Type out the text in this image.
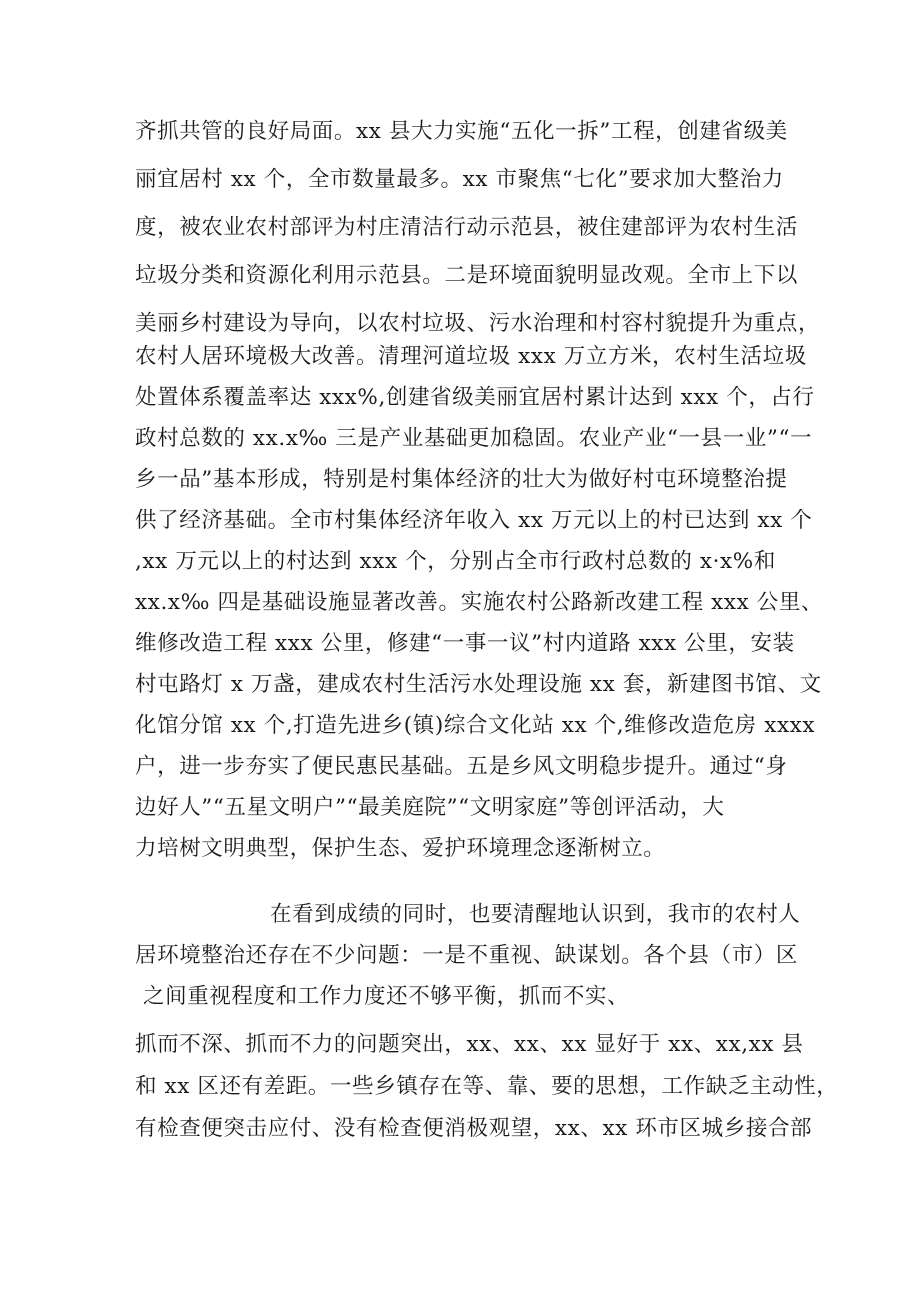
齐抓共管的良好局面。xx 县大力实施“五化一拆”工程，创建省级美
丽宜居村 xx 个，全市数量最多。xx 市聚焦“七化”要求加大整治力
度，被农业农村部评为村庄清洁行动示范县，被住建部评为农村生活
垃圾分类和资源化利用示范县。二是环境面貌明显改观。全市上下以
美丽乡村建设为导向，以农村垃圾、污水治理和村容村貌提升为重点，
农村人居环境极大改善。清理河道垃圾 xxx 万立方米，农村生活垃圾
处置体系覆盖率达 xxx%,创建省级美丽宜居村累计达到 xxx 个，占行
政村总数的 xx.x‰ 三是产业基础更加稳固。农业产业“一县一业”“一
乡一品”基本形成，特别是村集体经济的壮大为做好村屯环境整治提
供了经济基础。全市村集体经济年收入 xx 万元以上的村已达到 xx 个
,xx 万元以上的村达到 xxx 个，分别占全市行政村总数的 x·x%和
xx.x‰ 四是基础设施显著改善。实施农村公路新改建工程 xxx 公里、
维修改造工程 xxx 公里，修建“一事一议”村内道路 xxx 公里，安装
村屯路灯 x 万盏，建成农村生活污水处理设施 xx 套，新建图书馆、文
化馆分馆 xx 个,打造先进乡(镇)综合文化站 xx 个,维修改造危房 xxxx
户，进一步夯实了便民惠民基础。五是乡风文明稳步提升。通过“身
边好人”“五星文明户”“最美庭院”“文明家庭”等创评活动，大
力培树文明典型，保护生态、爱护环境理念逐渐树立。
在看到成绩的同时，也要清醒地认识到，我市的农村人
居环境整治还存在不少问题：一是不重视、缺谋划。各个县（市）区
之间重视程度和工作力度还不够平衡，抓而不实、
抓而不深、抓而不力的问题突出，xx、xx、xx 显好于 xx、xx,xx 县
和 xx 区还有差距。一些乡镇存在等、靠、要的思想，工作缺乏主动性，
有检查便突击应付、没有检查便消极观望，xx、xx 环市区城乡接合部
